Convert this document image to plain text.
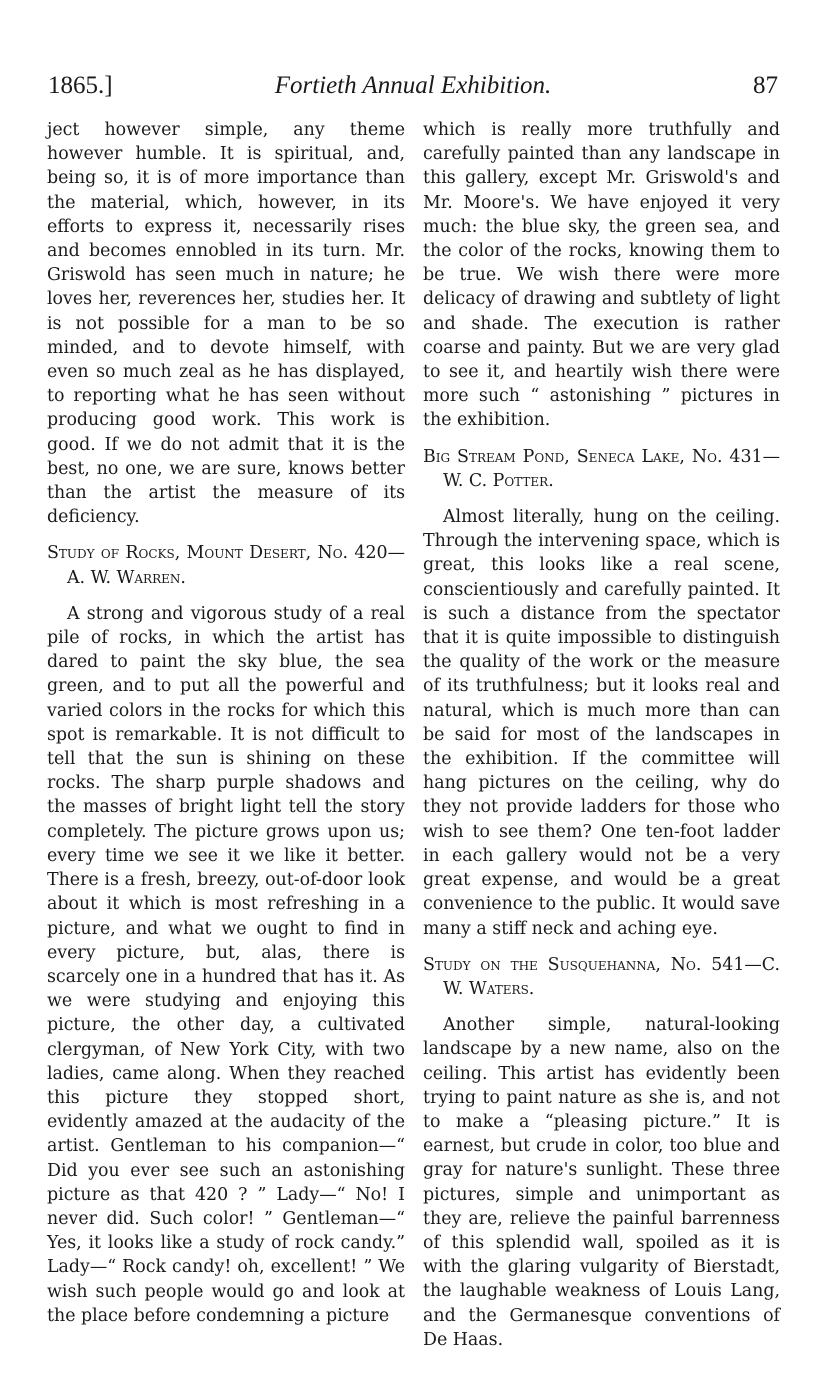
1865.]	Fortieth Annual Exhibition.	87

ject however simple, any theme however humble. It is spiritual, and, being so, it is of more importance than the material, which, however, in its efforts to express it, necessarily rises and becomes ennobled in its turn. Mr. Griswold has seen much in nature; he loves her, reverences her, studies her. It is not possible for a man to be so minded, and to devote himself, with even so much zeal as he has displayed, to reporting what he has seen without producing good work. This work is good. If we do not admit that it is the best, no one, we are sure, knows better than the artist the measure of its deficiency.

Study of Rocks, Mount Desert, No. 420—A. W. Warren.

A strong and vigorous study of a real pile of rocks, in which the artist has dared to paint the sky blue, the sea green, and to put all the powerful and varied colors in the rocks for which this spot is remarkable. It is not difficult to tell that the sun is shining on these rocks. The sharp purple shadows and the masses of bright light tell the story completely. The picture grows upon us; every time we see it we like it better. There is a fresh, breezy, out-of-door look about it which is most refreshing in a picture, and what we ought to find in every picture, but, alas, there is scarcely one in a hundred that has it. As we were studying and enjoying this picture, the other day, a cultivated clergyman, of New York City, with two ladies, came along. When they reached this picture they stopped short, evidently amazed at the audacity of the artist. Gentleman to his companion—“ Did you ever see such an astonishing picture as that 420 ? ” Lady—“ No! I never did. Such color! ” Gentleman—“ Yes, it looks like a study of rock candy.” Lady—“ Rock candy! oh, excellent! ” We wish such people would go and look at the place before condemning a picture

which is really more truthfully and carefully painted than any landscape in this gallery, except Mr. Griswold's and Mr. Moore's. We have enjoyed it very much: the blue sky, the green sea, and the color of the rocks, knowing them to be true. We wish there were more delicacy of drawing and subtlety of light and shade. The execution is rather coarse and painty. But we are very glad to see it, and heartily wish there were more such “ astonishing ” pictures in the exhibition.

Big Stream Pond, Seneca Lake, No. 431—W. C. Potter.

Almost literally, hung on the ceiling. Through the intervening space, which is great, this looks like a real scene, conscientiously and carefully painted. It is such a distance from the spectator that it is quite impossible to distinguish the quality of the work or the measure of its truthfulness; but it looks real and natural, which is much more than can be said for most of the landscapes in the exhibition. If the committee will hang pictures on the ceiling, why do they not provide ladders for those who wish to see them? One ten-foot ladder in each gallery would not be a very great expense, and would be a great convenience to the public. It would save many a stiff neck and aching eye.

Study on the Susquehanna, No. 541—C. W. Waters.

Another simple, natural-looking landscape by a new name, also on the ceiling. This artist has evidently been trying to paint nature as she is, and not to make a “pleasing picture.” It is earnest, but crude in color, too blue and gray for nature's sunlight. These three pictures, simple and unimportant as they are, relieve the painful barrenness of this splendid wall, spoiled as it is with the glaring vulgarity of Bierstadt, the laughable weakness of Louis Lang, and the Germanesque conventions of De Haas.
